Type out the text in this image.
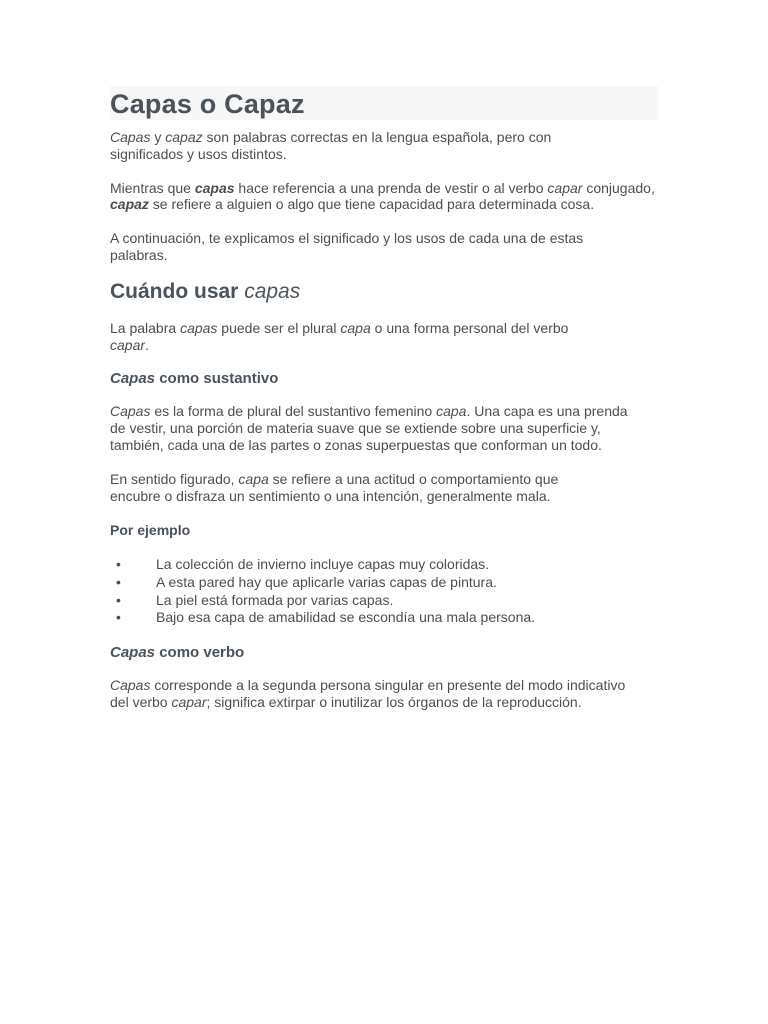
Capas o Capaz

Capas y capaz son palabras correctas en la lengua española, pero con significados y usos distintos.

Mientras que capas hace referencia a una prenda de vestir o al verbo capar conjugado, capaz se refiere a alguien o algo que tiene capacidad para determinada cosa.

A continuación, te explicamos el significado y los usos de cada una de estas palabras.

Cuándo usar capas

La palabra capas puede ser el plural capa o una forma personal del verbo capar.

Capas como sustantivo

Capas es la forma de plural del sustantivo femenino capa. Una capa es una prenda de vestir, una porción de materia suave que se extiende sobre una superficie y, también, cada una de las partes o zonas superpuestas que conforman un todo.

En sentido figurado, capa se refiere a una actitud o comportamiento que encubre o disfraza un sentimiento o una intención, generalmente mala.

Por ejemplo
•	La colección de invierno incluye capas muy coloridas.
•	A esta pared hay que aplicarle varias capas de pintura.
•	La piel está formada por varias capas.
•	Bajo esa capa de amabilidad se escondía una mala persona.
Capas como verbo

Capas corresponde a la segunda persona singular en presente del modo indicativo del verbo capar; significa extirpar o inutilizar los órganos de la reproducción.
